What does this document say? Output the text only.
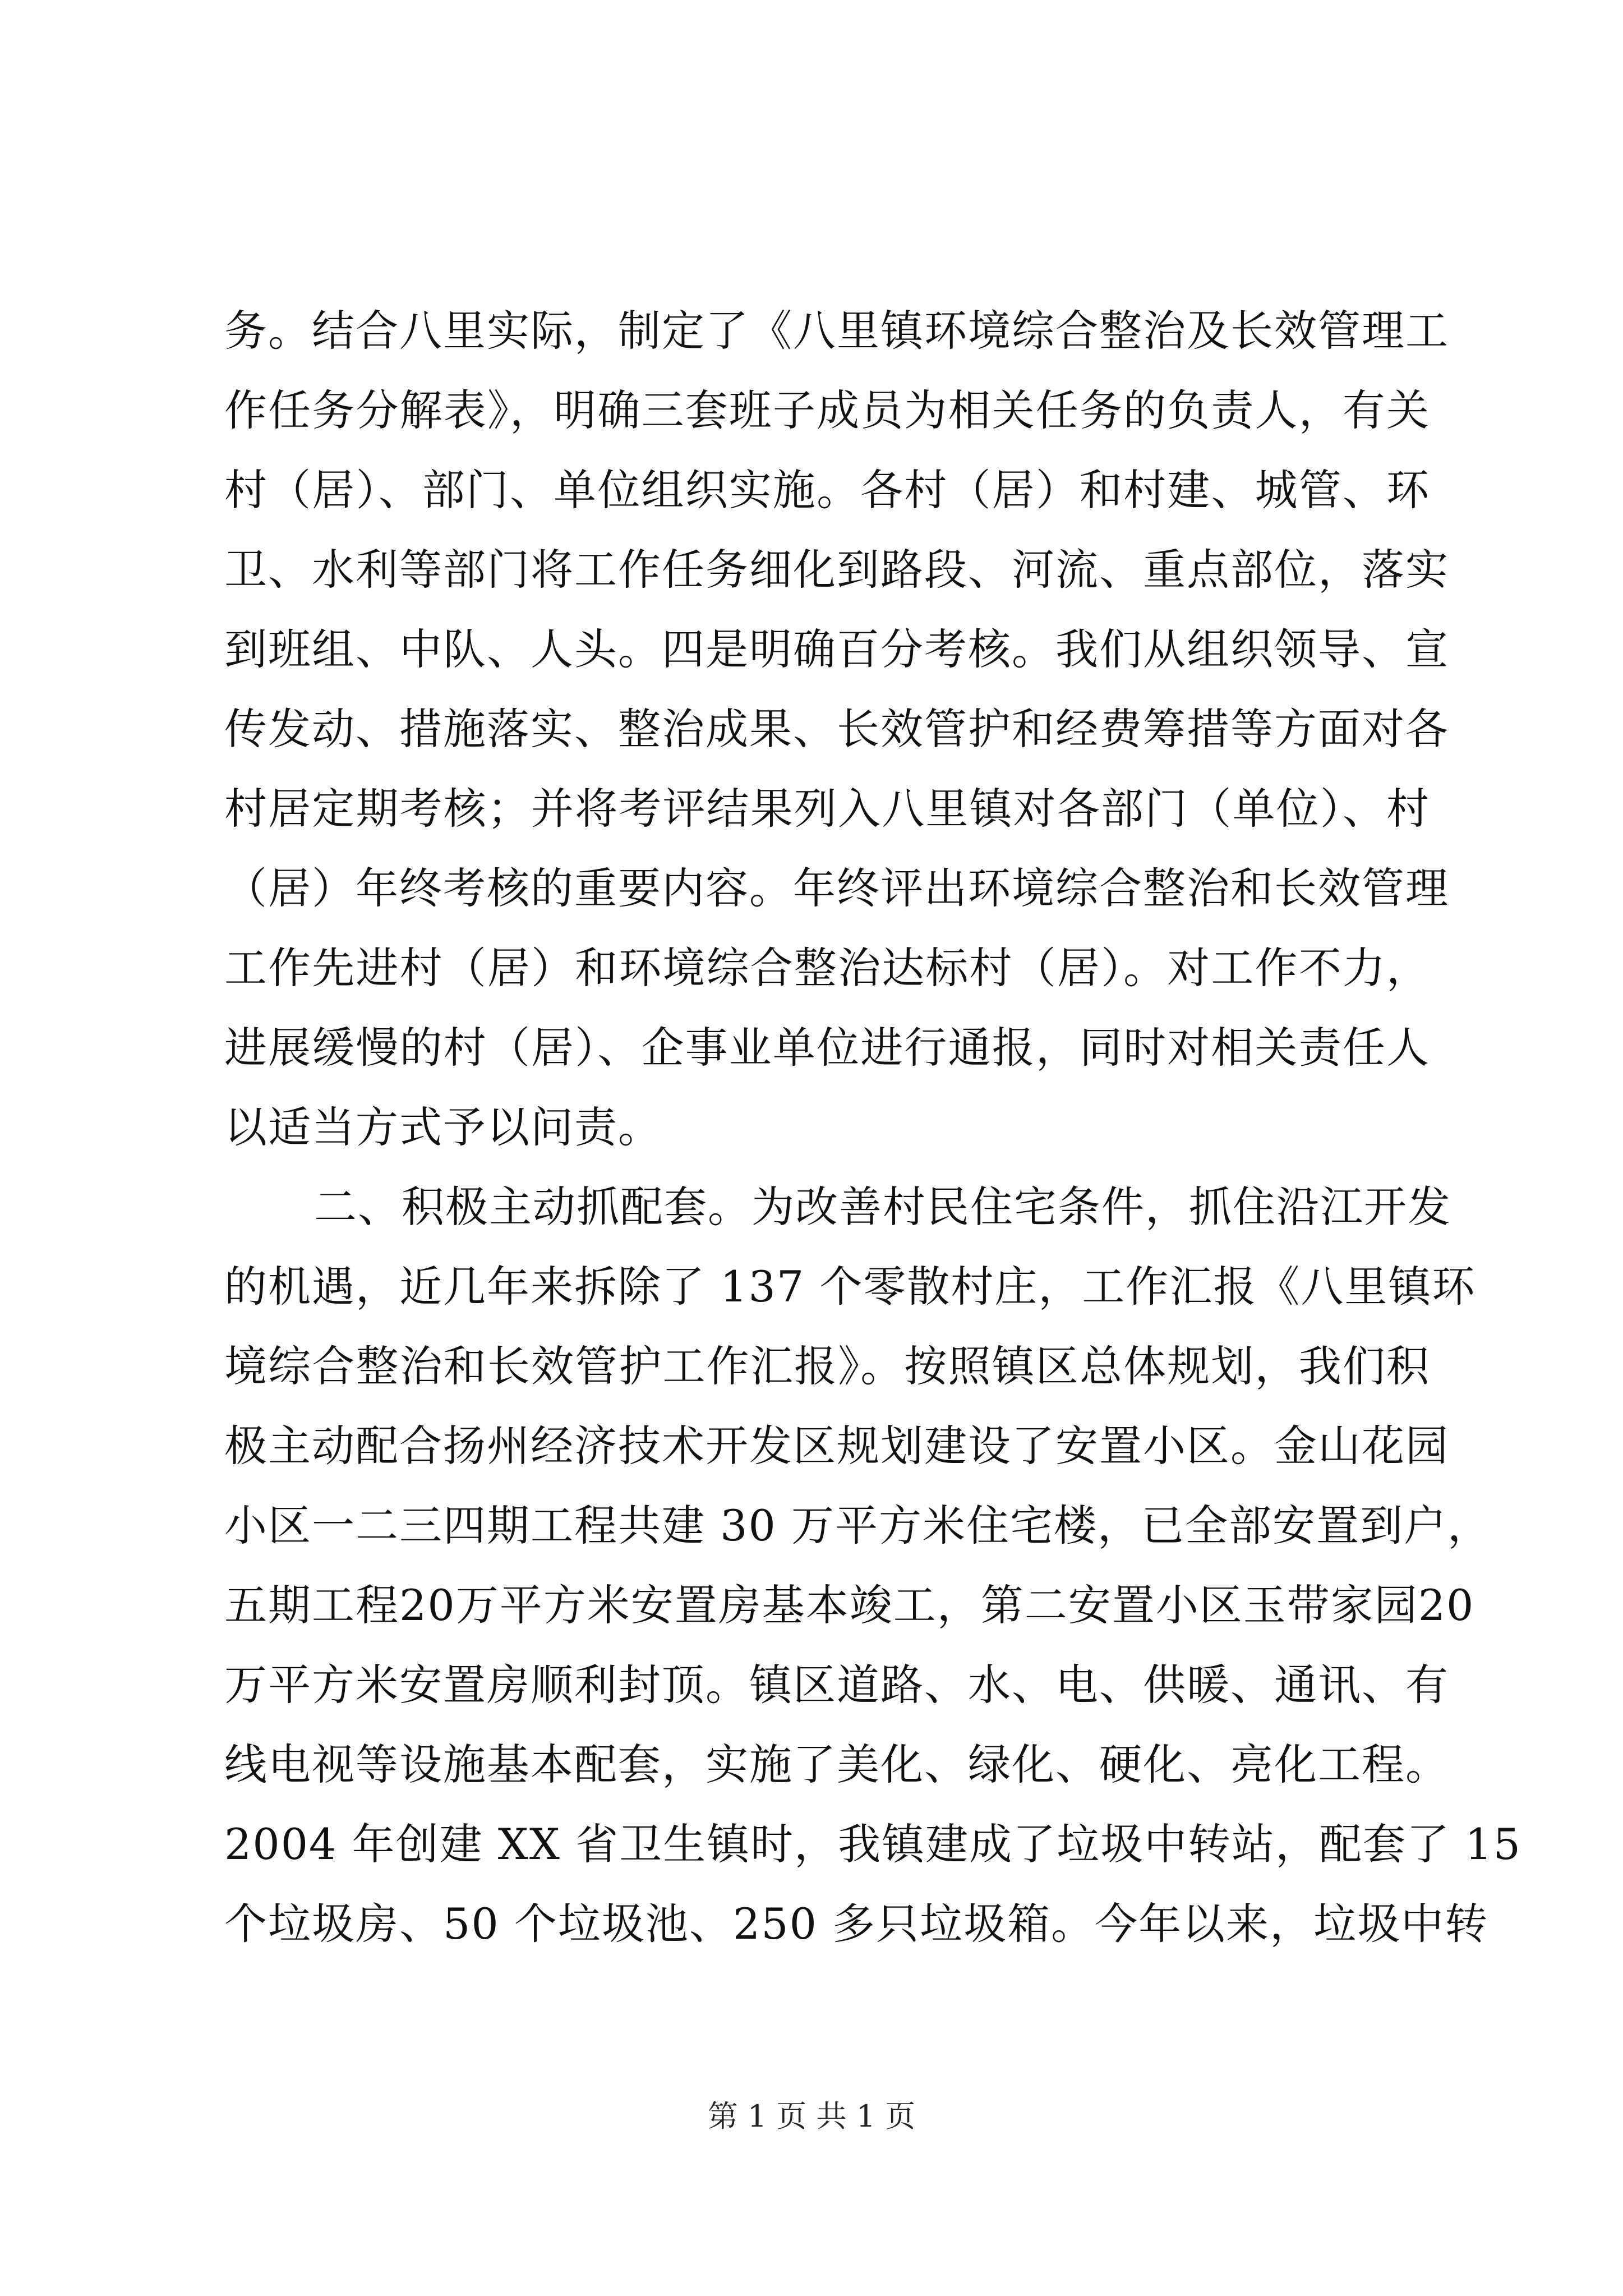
务。结合八里实际，制定了《八里镇环境综合整治及长效管理工
作任务分解表》，明确三套班子成员为相关任务的负责人，有关
村（居）、部门、单位组织实施。各村（居）和村建、城管、环
卫、水利等部门将工作任务细化到路段、河流、重点部位，落实
到班组、中队、人头。四是明确百分考核。我们从组织领导、宣
传发动、措施落实、整治成果、长效管护和经费筹措等方面对各
村居定期考核；并将考评结果列入八里镇对各部门（单位）、村
（居）年终考核的重要内容。年终评出环境综合整治和长效管理
工作先进村（居）和环境综合整治达标村（居）。对工作不力，
进展缓慢的村（居）、企事业单位进行通报，同时对相关责任人
以适当方式予以问责。
二、积极主动抓配套。为改善村民住宅条件，抓住沿江开发
的机遇，近几年来拆除了 137 个零散村庄，工作汇报《八里镇环
境综合整治和长效管护工作汇报》。按照镇区总体规划，我们积
极主动配合扬州经济技术开发区规划建设了安置小区。金山花园
小区一二三四期工程共建 30 万平方米住宅楼，已全部安置到户，
五期工程20万平方米安置房基本竣工，第二安置小区玉带家园20
万平方米安置房顺利封顶。镇区道路、水、电、供暖、通讯、有
线电视等设施基本配套，实施了美化、绿化、硬化、亮化工程。
2004 年创建 XX 省卫生镇时，我镇建成了垃圾中转站，配套了 15
个垃圾房、50 个垃圾池、250 多只垃圾箱。今年以来，垃圾中转
第 1 页 共 1 页
